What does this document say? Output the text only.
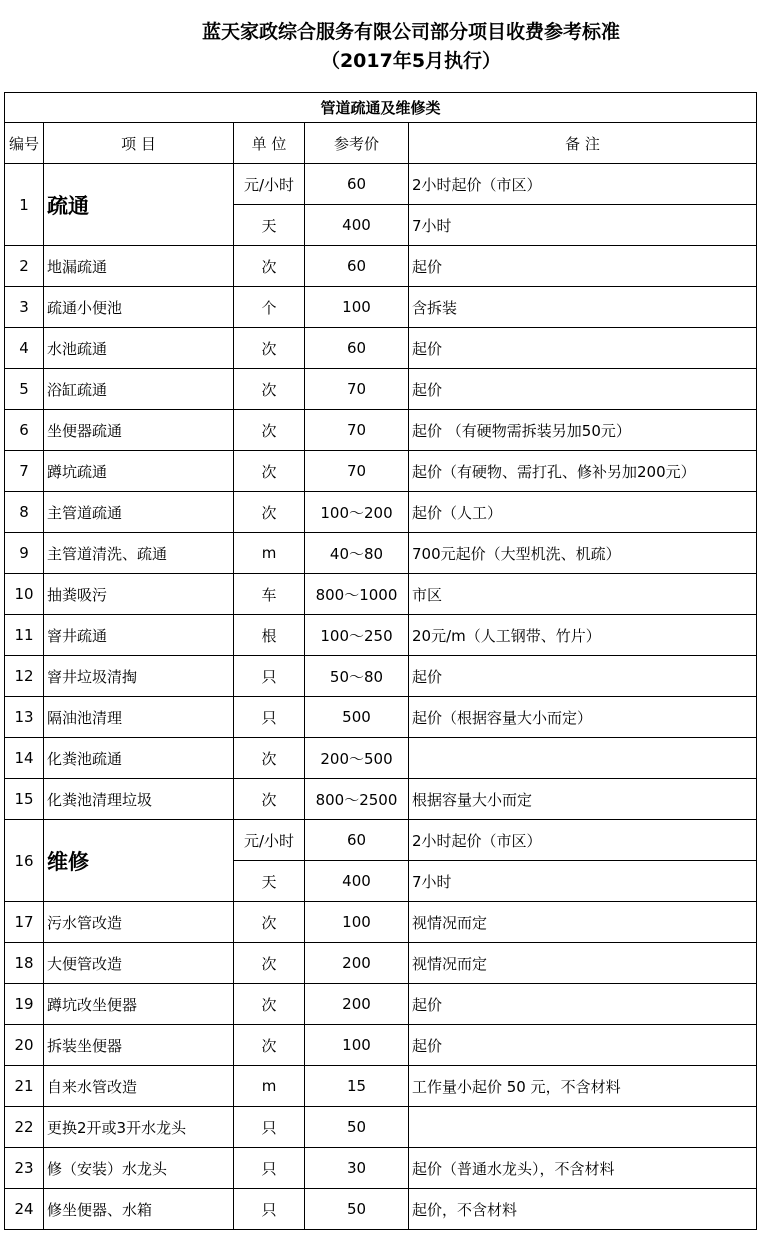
蓝天家政综合服务有限公司部分项目收费参考标准
（2017年5月执行）
管道疏通及维修类				
编号	项 目	单 位	参考价	备 注
1	疏通	元/小时	60	2小时起价（市区）
		天	400	7小时
2	地漏疏通	次	60	起价
3	疏通小便池	个	100	含拆装
4	水池疏通	次	60	起价
5	浴缸疏通	次	70	起价
6	坐便器疏通	次	70	起价 （有硬物需拆装另加50元）
7	蹲坑疏通	次	70	起价（有硬物、需打孔、修补另加200元）
8	主管道疏通	次	100～200	起价（人工）
9	主管道清洗、疏通	m	40～80	700元起价（大型机洗、机疏）
10	抽粪吸污	车	800～1000	市区
11	窨井疏通	根	100～250	20元/m（人工钢带、竹片）
12	窨井垃圾清掏	只	50～80	起价
13	隔油池清理	只	500	起价（根据容量大小而定）
14	化粪池疏通	次	200～500	
15	化粪池清理垃圾	次	800～2500	根据容量大小而定
16	维修	元/小时	60	2小时起价（市区）
		天	400	7小时
17	污水管改造	次	100	视情况而定
18	大便管改造	次	200	视情况而定
19	蹲坑改坐便器	次	200	起价
20	拆装坐便器	次	100	起价
21	自来水管改造	m	15	工作量小起价 50 元，不含材料
22	更换2开或3开水龙头	只	50	
23	修（安装）水龙头	只	30	起价（普通水龙头），不含材料
24	修坐便器、水箱	只	50	起价，不含材料
